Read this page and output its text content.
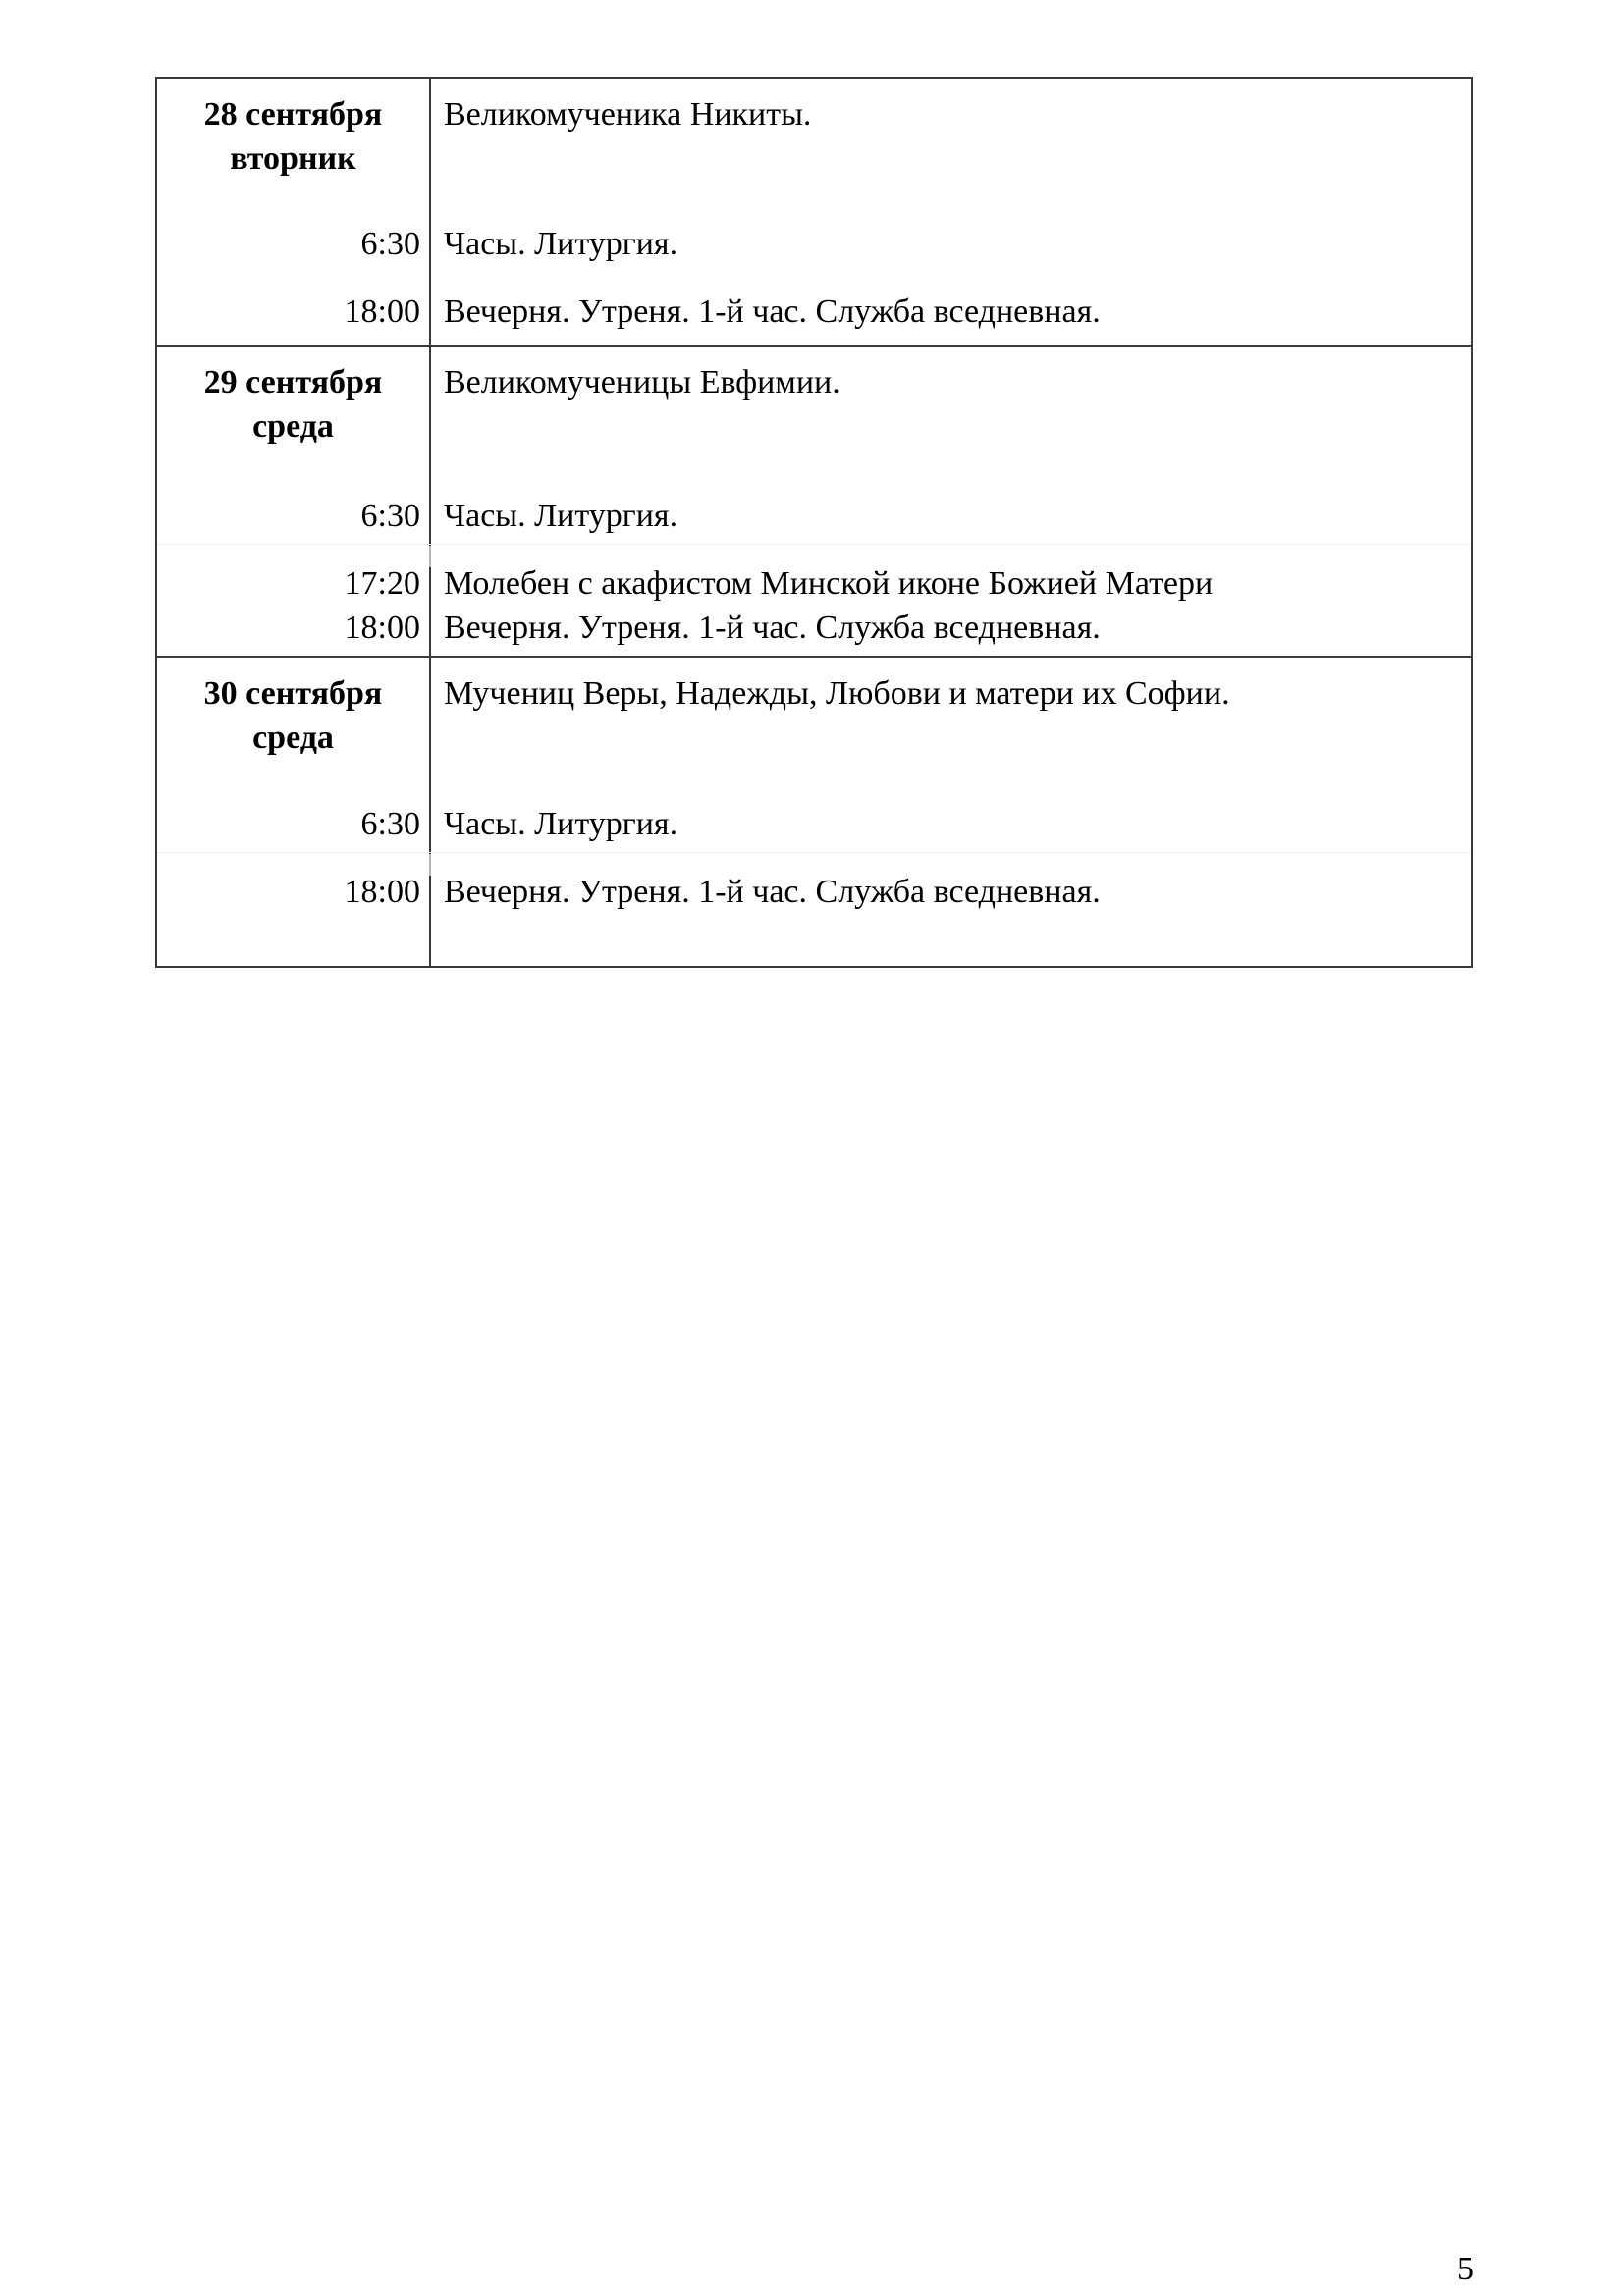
28 сентября
вторник
Великомученика Никиты.
6:30 Часы. Литургия.
18:00 Вечерня. Утреня. 1-й час. Служба вседневная.
29 сентября
среда
Великомученицы Евфимии.
6:30 Часы. Литургия.
17:20 Молебен с акафистом Минской иконе Божией Матери
18:00 Вечерня. Утреня. 1-й час. Служба вседневная.
30 сентября
среда
Мучениц Веры, Надежды, Любови и матери их Софии.
6:30 Часы. Литургия.
18:00 Вечерня. Утреня. 1-й час. Служба вседневная.
5
